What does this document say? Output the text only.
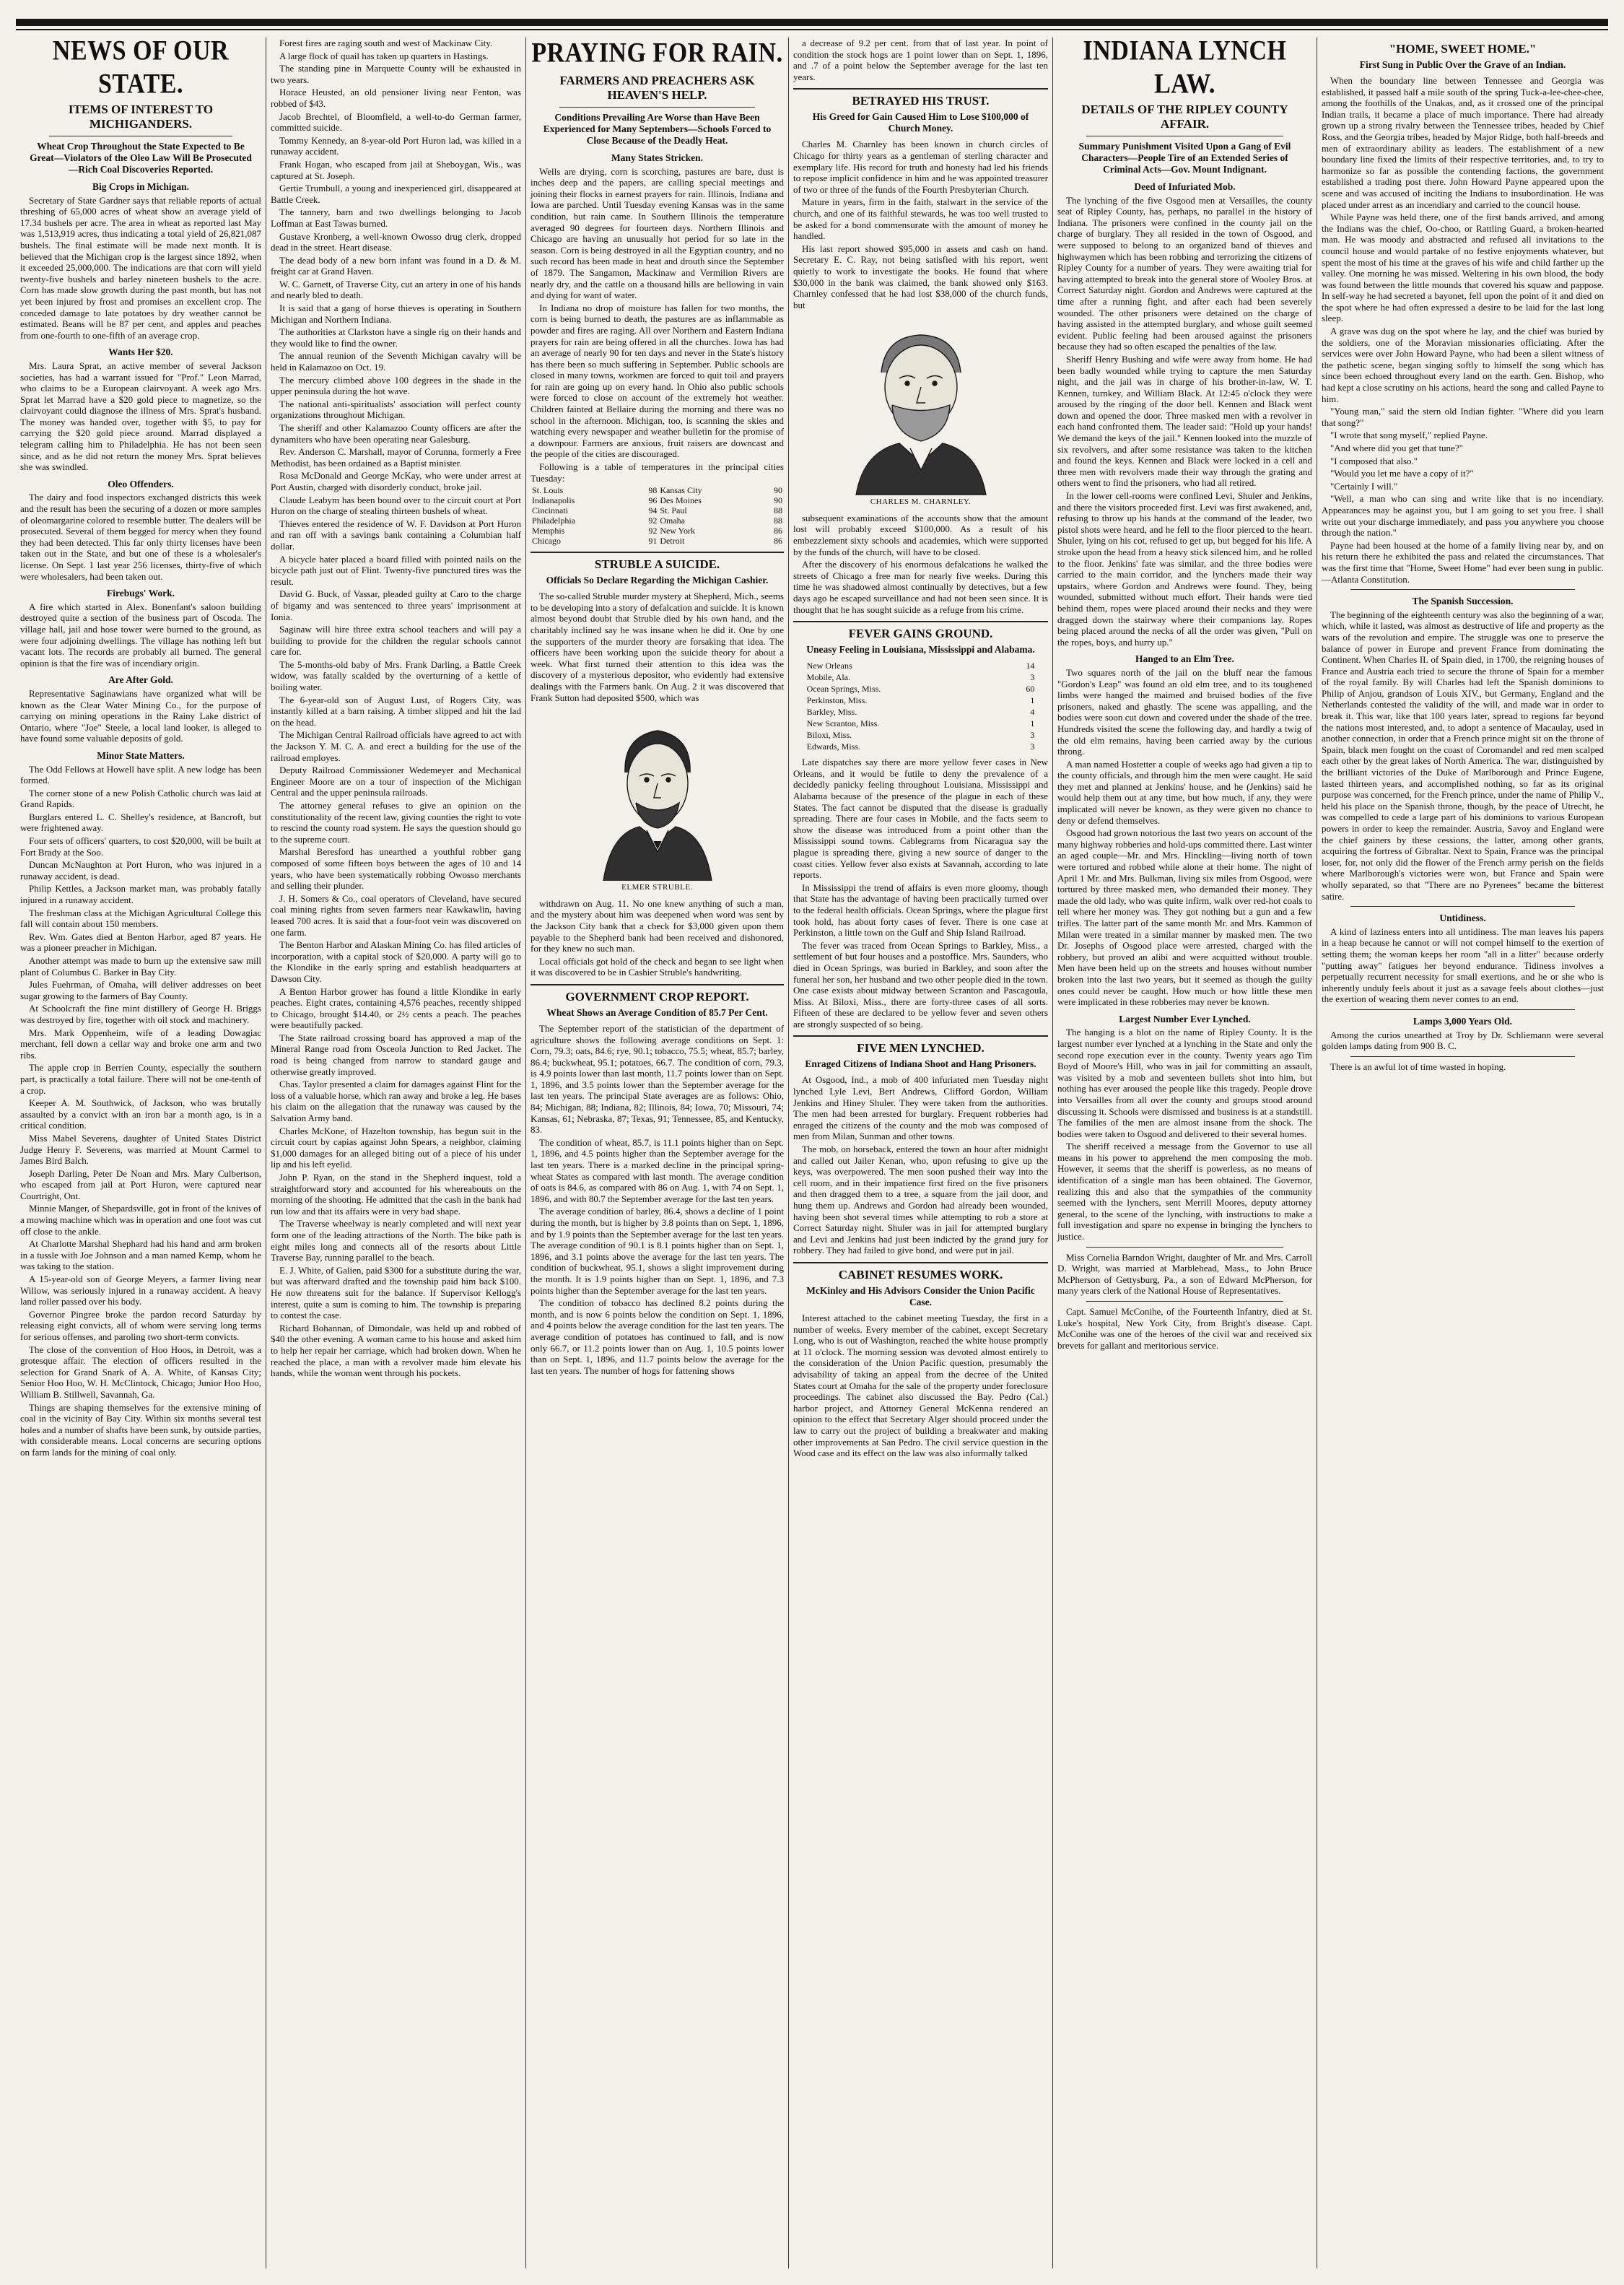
NEWS OF OUR STATE.
ITEMS OF INTEREST TO MICHIGANDERS.
Wheat Crop Throughout the State Expected to Be Great—Violators of the Oleo Law Will Be Prosecuted—Rich Coal Discoveries Reported.
Big Crops in Michigan.

Secretary of State Gardner says that reliable reports of actual threshing of 65,000 acres of wheat show an average yield of 17.34 bushels per acre. The area in wheat as reported last May was 1,513,919 acres, thus indicating a total yield of 26,821,087 bushels. The final estimate will be made next month. It is believed that the Michigan crop is the largest since 1892, when it exceeded 25,000,000. The indications are that corn will yield twenty-five bushels and barley nineteen bushels to the acre. Corn has made slow growth during the past month, but has not yet been injured by frost and promises an excellent crop. The conceded damage to late potatoes by dry weather cannot be estimated. Beans will be 87 per cent, and apples and peaches from one-fourth to one-fifth of an average crop.

Wants Her $20.

Mrs. Laura Sprat, an active member of several Jackson societies, has had a warrant issued for "Prof." Leon Marrad, who claims to be a European clairvoyant. A week ago Mrs. Sprat let Marrad have a $20 gold piece to magnetize, so the clairvoyant could diagnose the illness of Mrs. Sprat's husband. The money was handed over, together with $5, to pay for carrying the $20 gold piece around. Marrad displayed a telegram calling him to Philadelphia. He has not been seen since, and as he did not return the money Mrs. Sprat believes she was swindled.

Oleo Offenders.

The dairy and food inspectors exchanged districts this week and the result has been the securing of a dozen or more samples of oleomargarine colored to resemble butter. The dealers will be prosecuted. Several of them begged for mercy when they found they had been detected. This far only thirty licenses have been taken out in the State, and but one of these is a wholesaler's license. On Sept. 1 last year 256 licenses, thirty-five of which were wholesalers, had been taken out.

Firebugs' Work.

A fire which started in Alex. Bonenfant's saloon building destroyed quite a section of the business part of Oscoda. The village hall, jail and hose tower were burned to the ground, as were four adjoining dwellings. The village has nothing left but vacant lots. The records are probably all burned. The general opinion is that the fire was of incendiary origin.

Are After Gold.

Representative Saginawians have organized what will be known as the Clear Water Mining Co., for the purpose of carrying on mining operations in the Rainy Lake district of Ontario, where "Joe" Steele, a local land looker, is alleged to have found some valuable deposits of gold.

Minor State Matters.

The Odd Fellows at Howell have split. A new lodge has been formed.

The corner stone of a new Polish Catholic church was laid at Grand Rapids.

Burglars entered L. C. Shelley's residence, at Bancroft, but were frightened away.

Four sets of officers' quarters, to cost $20,000, will be built at Fort Brady at the Soo.

Duncan McNaughton at Port Huron, who was injured in a runaway accident, is dead.

Philip Kettles, a Jackson market man, was probably fatally injured in a runaway accident.

The freshman class at the Michigan Agricultural College this fall will contain about 150 members.

Rev. Wm. Gates died at Benton Harbor, aged 87 years. He was a pioneer preacher in Michigan.

Another attempt was made to burn up the extensive saw mill plant of Columbus C. Barker in Bay City.

Jules Fuehrman, of Omaha, will deliver addresses on beet sugar growing to the farmers of Bay County.

At Schoolcraft the fine mint distillery of George H. Briggs was destroyed by fire, together with oil stock and machinery.

Mrs. Mark Oppenheim, wife of a leading Dowagiac merchant, fell down a cellar way and broke one arm and two ribs.

The apple crop in Berrien County, especially the southern part, is practically a total failure. There will not be one-tenth of a crop.

Keeper A. M. Southwick, of Jackson, who was brutally assaulted by a convict with an iron bar a month ago, is in a critical condition.

Miss Mabel Severens, daughter of United States District Judge Henry F. Severens, was married at Mount Carmel to James Bird Balch.

Joseph Darling, Peter De Noan and Mrs. Mary Culbertson, who escaped from jail at Port Huron, were captured near Courtright, Ont.

Minnie Manger, of Shepardsville, got in front of the knives of a mowing machine which was in operation and one foot was cut off close to the ankle.

At Charlotte Marshal Shephard had his hand and arm broken in a tussle with Joe Johnson and a man named Kemp, whom he was taking to the station.

A 15-year-old son of George Meyers, a farmer living near Willow, was seriously injured in a runaway accident. A heavy land roller passed over his body.

Governor Pingree broke the pardon record Saturday by releasing eight convicts, all of whom were serving long terms for serious offenses, and paroling two short-term convicts.

The close of the convention of Hoo Hoos, in Detroit, was a grotesque affair. The election of officers resulted in the selection for Grand Snark of A. A. White, of Kansas City; Senior Hoo Hoo, W. H. McClintock, Chicago; Junior Hoo Hoo, William B. Stillwell, Savannah, Ga.

Things are shaping themselves for the extensive mining of coal in the vicinity of Bay City. Within six months several test holes and a number of shafts have been sunk, by outside parties, with considerable means. Local concerns are securing options on farm lands for the mining of coal only.

Forest fires are raging south and west of Mackinaw City.

A large flock of quail has taken up quarters in Hastings.

The standing pine in Marquette County will be exhausted in two years.

Horace Heusted, an old pensioner living near Fenton, was robbed of $43.

Jacob Brechtel, of Bloomfield, a well-to-do German farmer, committed suicide.

Tommy Kennedy, an 8-year-old Port Huron lad, was killed in a runaway accident.

Frank Hogan, who escaped from jail at Sheboygan, Wis., was captured at St. Joseph.

Gertie Trumbull, a young and inexperienced girl, disappeared at Battle Creek.

The tannery, barn and two dwellings belonging to Jacob Loffman at East Tawas burned.

Gustave Kronberg, a well-known Owosso drug clerk, dropped dead in the street. Heart disease.

The dead body of a new born infant was found in a D. & M. freight car at Grand Haven.

W. C. Garnett, of Traverse City, cut an artery in one of his hands and nearly bled to death.

It is said that a gang of horse thieves is operating in Southern Michigan and Northern Indiana.

The authorities at Clarkston have a single rig on their hands and they would like to find the owner.

The annual reunion of the Seventh Michigan cavalry will be held in Kalamazoo on Oct. 19.

The mercury climbed above 100 degrees in the shade in the upper peninsula during the hot wave.

The national anti-spiritualists' association will perfect county organizations throughout Michigan.

The sheriff and other Kalamazoo County officers are after the dynamiters who have been operating near Galesburg.

Rev. Anderson C. Marshall, mayor of Corunna, formerly a Free Methodist, has been ordained as a Baptist minister.

Rosa McDonald and George McKay, who were under arrest at Port Austin, charged with disorderly conduct, broke jail.

Claude Leabym has been bound over to the circuit court at Port Huron on the charge of stealing thirteen bushels of wheat.

Thieves entered the residence of W. F. Davidson at Port Huron and ran off with a savings bank containing a Columbian half dollar.

A bicycle hater placed a board filled with pointed nails on the bicycle path just out of Flint. Twenty-five punctured tires was the result.

David G. Buck, of Vassar, pleaded guilty at Caro to the charge of bigamy and was sentenced to three years' imprisonment at Ionia.

Saginaw will hire three extra school teachers and will pay a building to provide for the children the regular schools cannot care for.

The 5-months-old baby of Mrs. Frank Darling, a Battle Creek widow, was fatally scalded by the overturning of a kettle of boiling water.

The 6-year-old son of August Lust, of Rogers City, was instantly killed at a barn raising. A timber slipped and hit the lad on the head.

The Michigan Central Railroad officials have agreed to act with the Jackson Y. M. C. A. and erect a building for the use of the railroad employes.

Deputy Railroad Commissioner Wedemeyer and Mechanical Engineer Moore are on a tour of inspection of the Michigan Central and the upper peninsula railroads.

The attorney general refuses to give an opinion on the constitutionality of the recent law, giving counties the right to vote to rescind the county road system. He says the question should go to the supreme court.

Marshal Beresford has unearthed a youthful robber gang composed of some fifteen boys between the ages of 10 and 14 years, who have been systematically robbing Owosso merchants and selling their plunder.

J. H. Somers & Co., coal operators of Cleveland, have secured coal mining rights from seven farmers near Kawkawlin, having leased 700 acres. It is said that a four-foot vein was discovered on one farm.

The Benton Harbor and Alaskan Mining Co. has filed articles of incorporation, with a capital stock of $20,000. A party will go to the Klondike in the early spring and establish headquarters at Dawson City.

A Benton Harbor grower has found a little Klondike in early peaches. Eight crates, containing 4,576 peaches, recently shipped to Chicago, brought $14.40, or 2½ cents a peach. The peaches were beautifully packed.

The State railroad crossing board has approved a map of the Mineral Range road from Osceola Junction to Red Jacket. The road is being changed from narrow to standard gauge and otherwise greatly improved.

Chas. Taylor presented a claim for damages against Flint for the loss of a valuable horse, which ran away and broke a leg. He bases his claim on the allegation that the runaway was caused by the Salvation Army band.

Charles McKone, of Hazelton township, has begun suit in the circuit court by capias against John Spears, a neighbor, claiming $1,000 damages for an alleged biting out of a piece of his under lip and his left eyelid.

John P. Ryan, on the stand in the Shepherd inquest, told a straightforward story and accounted for his whereabouts on the morning of the shooting. He admitted that the cash in the bank had run low and that its affairs were in very bad shape.

The Traverse wheelway is nearly completed and will next year form one of the leading attractions of the North. The bike path is eight miles long and connects all of the resorts about Little Traverse Bay, running parallel to the beach.

E. J. White, of Galien, paid $300 for a substitute during the war, but was afterward drafted and the township paid him back $100. He now threatens suit for the balance. If Supervisor Kellogg's interest, quite a sum is coming to him. The township is preparing to contest the case.

Richard Bohannan, of Dimondale, was held up and robbed of $40 the other evening. A woman came to his house and asked him to help her repair her carriage, which had broken down. When he reached the place, a man with a revolver made him elevate his hands, while the woman went through his pockets.

PRAYING FOR RAIN.
FARMERS AND PREACHERS ASK HEAVEN'S HELP.
Conditions Prevailing Are Worse than Have Been Experienced for Many Septembers—Schools Forced to Close Because of the Deadly Heat.
Many States Stricken.

Wells are drying, corn is scorching, pastures are bare, dust is inches deep and the papers, are calling special meetings and joining their flocks in earnest prayers for rain. Illinois, Indiana and Iowa are parched. Until Tuesday evening Kansas was in the same condition, but rain came. In Southern Illinois the temperature averaged 90 degrees for fourteen days. Northern Illinois and Chicago are having an unusually hot period for so late in the season. Corn is being destroyed in all the Egyptian country, and no such record has been made in heat and drouth since the September of 1879. The Sangamon, Mackinaw and Vermilion Rivers are nearly dry, and the cattle on a thousand hills are bellowing in vain and dying for want of water.

In Indiana no drop of moisture has fallen for two months, the corn is being burned to death, the pastures are as inflammable as powder and fires are raging. All over Northern and Eastern Indiana prayers for rain are being offered in all the churches. Iowa has had an average of nearly 90 for ten days and never in the State's history has there been so much suffering in September. Public schools are closed in many towns, workmen are forced to quit toil and prayers for rain are going up on every hand. In Ohio also public schools were forced to close on account of the extremely hot weather. Children fainted at Bellaire during the morning and there was no school in the afternoon. Michigan, too, is scanning the skies and watching every newspaper and weather bulletin for the promise of a downpour. Farmers are anxious, fruit raisers are downcast and the people of the cities are discouraged.

Following is a table of temperatures in the principal cities Tuesday:

St. Louis	98	Kansas City	90
Indianapolis	96	Des Moines	90
Cincinnati	94	St. Paul	88
Philadelphia	92	Omaha	88
Memphis	92	New York	86
Chicago	91	Detroit	86
STRUBLE A SUICIDE.
Officials So Declare Regarding the Michigan Cashier.

The so-called Struble murder mystery at Shepherd, Mich., seems to be developing into a story of defalcation and suicide. It is known almost beyond doubt that Struble died by his own hand, and the charitably inclined say he was insane when he did it. One by one the supporters of the murder theory are forsaking that idea. The officers have been working upon the suicide theory for about a week. What first turned their attention to this idea was the discovery of a mysterious depositor, who evidently had extensive dealings with the Farmers bank. On Aug. 2 it was discovered that Frank Sutton had deposited $500, which was

ELMER STRUBLE.

withdrawn on Aug. 11. No one knew anything of such a man, and the mystery about him was deepened when word was sent by the Jackson City bank that a check for $3,000 given upon them payable to the Shepherd bank had been received and dishonored, for they knew no such man.

Local officials got hold of the check and began to see light when it was discovered to be in Cashier Struble's handwriting.

GOVERNMENT CROP REPORT.
Wheat Shows an Average Condition of 85.7 Per Cent.

The September report of the statistician of the department of agriculture shows the following average conditions on Sept. 1: Corn, 79.3; oats, 84.6; rye, 90.1; tobacco, 75.5; wheat, 85.7; barley, 86.4; buckwheat, 95.1; potatoes, 66.7. The condition of corn, 79.3, is 4.9 points lower than last month, 11.7 points lower than on Sept. 1, 1896, and 3.5 points lower than the September average for the last ten years. The principal State averages are as follows: Ohio, 84; Michigan, 88; Indiana, 82; Illinois, 84; Iowa, 70; Missouri, 74; Kansas, 61; Nebraska, 87; Texas, 91; Tennessee, 85, and Kentucky, 83.

The condition of wheat, 85.7, is 11.1 points higher than on Sept. 1, 1896, and 4.5 points higher than the September average for the last ten years. There is a marked decline in the principal spring-wheat States as compared with last month. The average condition of oats is 84.6, as compared with 86 on Aug. 1, with 74 on Sept. 1, 1896, and with 80.7 the September average for the last ten years.

The average condition of barley, 86.4, shows a decline of 1 point during the month, but is higher by 3.8 points than on Sept. 1, 1896, and by 1.9 points than the September average for the last ten years. The average condition of 90.1 is 8.1 points higher than on Sept. 1, 1896, and 3.1 points above the average for the last ten years. The condition of buckwheat, 95.1, shows a slight improvement during the month. It is 1.9 points higher than on Sept. 1, 1896, and 7.3 points higher than the September average for the last ten years.

The condition of tobacco has declined 8.2 points during the month, and is now 6 points below the condition on Sept. 1, 1896, and 4 points below the average condition for the last ten years. The average condition of potatoes has continued to fall, and is now only 66.7, or 11.2 points lower than on Aug. 1, 10.5 points lower than on Sept. 1, 1896, and 11.7 points below the average for the last ten years. The number of hogs for fattening shows

a decrease of 9.2 per cent. from that of last year. In point of condition the stock hogs are 1 point lower than on Sept. 1, 1896, and .7 of a point below the September average for the last ten years.

BETRAYED HIS TRUST.
His Greed for Gain Caused Him to Lose $100,000 of Church Money.

Charles M. Charnley has been known in church circles of Chicago for thirty years as a gentleman of sterling character and exemplary life. His record for truth and honesty had led his friends to repose implicit confidence in him and he was appointed treasurer of two or three of the funds of the Fourth Presbyterian Church.

Mature in years, firm in the faith, stalwart in the service of the church, and one of its faithful stewards, he was too well trusted to be asked for a bond commensurate with the amount of money he handled.

His last report showed $95,000 in assets and cash on hand. Secretary E. C. Ray, not being satisfied with his report, went quietly to work to investigate the books. He found that where $30,000 in the bank was claimed, the bank showed only $163. Charnley confessed that he had lost $38,000 of the church funds, but

CHARLES M. CHARNLEY.

subsequent examinations of the accounts show that the amount lost will probably exceed $100,000. As a result of his embezzlement sixty schools and academies, which were supported by the funds of the church, will have to be closed.

After the discovery of his enormous defalcations he walked the streets of Chicago a free man for nearly five weeks. During this time he was shadowed almost continually by detectives, but a few days ago he escaped surveillance and had not been seen since. It is thought that he has sought suicide as a refuge from his crime.

FEVER GAINS GROUND.
Uneasy Feeling in Louisiana, Mississippi and Alabama.
New Orleans	14
Mobile, Ala.	3
Ocean Springs, Miss.	60
Perkinston, Miss.	1
Barkley, Miss.	4
New Scranton, Miss.	1
Biloxi, Miss.	3
Edwards, Miss.	3

Late dispatches say there are more yellow fever cases in New Orleans, and it would be futile to deny the prevalence of a decidedly panicky feeling throughout Louisiana, Mississippi and Alabama because of the presence of the plague in each of these States. The fact cannot be disputed that the disease is gradually spreading. There are four cases in Mobile, and the facts seem to show the disease was introduced from a point other than the Mississippi sound towns. Cablegrams from Nicaragua say the plague is spreading there, giving a new source of danger to the coast cities. Yellow fever also exists at Savannah, according to late reports.

In Mississippi the trend of affairs is even more gloomy, though that State has the advantage of having been practically turned over to the federal health officials. Ocean Springs, where the plague first took hold, has about forty cases of fever. There is one case at Perkinston, a little town on the Gulf and Ship Island Railroad.

The fever was traced from Ocean Springs to Barkley, Miss., a settlement of but four houses and a postoffice. Mrs. Saunders, who died in Ocean Springs, was buried in Barkley, and soon after the funeral her son, her husband and two other people died in the town. One case exists about midway between Scranton and Pascagoula, Miss. At Biloxi, Miss., there are forty-three cases of all sorts. Fifteen of these are declared to be yellow fever and seven others are strongly suspected of so being.

FIVE MEN LYNCHED.
Enraged Citizens of Indiana Shoot and Hang Prisoners.

At Osgood, Ind., a mob of 400 infuriated men Tuesday night lynched Lyle Levi, Bert Andrews, Clifford Gordon, William Jenkins and Hiney Shuler. They were taken from the authorities. The men had been arrested for burglary. Frequent robberies had enraged the citizens of the county and the mob was composed of men from Milan, Sunman and other towns.

The mob, on horseback, entered the town an hour after midnight and called out Jailer Kenan, who, upon refusing to give up the keys, was overpowered. The men soon pushed their way into the cell room, and in their impatience first fired on the five prisoners and then dragged them to a tree, a square from the jail door, and hung them up. Andrews and Gordon had already been wounded, having been shot several times while attempting to rob a store at Correct Saturday night. Shuler was in jail for attempted burglary and Levi and Jenkins had just been indicted by the grand jury for robbery. They had failed to give bond, and were put in jail.

CABINET RESUMES WORK.
McKinley and His Advisors Consider the Union Pacific Case.

Interest attached to the cabinet meeting Tuesday, the first in a number of weeks. Every member of the cabinet, except Secretary Long, who is out of Washington, reached the white house promptly at 11 o'clock. The morning session was devoted almost entirely to the consideration of the Union Pacific question, presumably the advisability of taking an appeal from the decree of the United States court at Omaha for the sale of the property under foreclosure proceedings. The cabinet also discussed the Bay. Pedro (Cal.) harbor project, and Attorney General McKenna rendered an opinion to the effect that Secretary Alger should proceed under the law to carry out the project of building a breakwater and making other improvements at San Pedro. The civil service question in the Wood case and its effect on the law was also informally talked

INDIANA LYNCH LAW.
DETAILS OF THE RIPLEY COUNTY AFFAIR.
Summary Punishment Visited Upon a Gang of Evil Characters—People Tire of an Extended Series of Criminal Acts—Gov. Mount Indignant.
Deed of Infuriated Mob.

The lynching of the five Osgood men at Versailles, the county seat of Ripley County, has, perhaps, no parallel in the history of Indiana. The prisoners were confined in the county jail on the charge of burglary. They all resided in the town of Osgood, and were supposed to belong to an organized band of thieves and highwaymen which has been robbing and terrorizing the citizens of Ripley County for a number of years. They were awaiting trial for having attempted to break into the general store of Wooley Bros. at Correct Saturday night. Gordon and Andrews were captured at the time after a running fight, and after each had been severely wounded. The other prisoners were detained on the charge of having assisted in the attempted burglary, and whose guilt seemed evident. Public feeling had been aroused against the prisoners because they had so often escaped the penalties of the law.

Sheriff Henry Bushing and wife were away from home. He had been badly wounded while trying to capture the men Saturday night, and the jail was in charge of his brother-in-law, W. T. Kennen, turnkey, and William Black. At 12:45 o'clock they were aroused by the ringing of the door bell. Kennen and Black went down and opened the door. Three masked men with a revolver in each hand confronted them. The leader said: "Hold up your hands! We demand the keys of the jail." Kennen looked into the muzzle of six revolvers, and after some resistance was taken to the kitchen and found the keys. Kennen and Black were locked in a cell and three men with revolvers made their way through the grating and others went to find the prisoners, who had all retired.

In the lower cell-rooms were confined Levi, Shuler and Jenkins, and there the visitors proceeded first. Levi was first awakened, and, refusing to throw up his hands at the command of the leader, two pistol shots were heard, and he fell to the floor pierced to the heart. Shuler, lying on his cot, refused to get up, but begged for his life. A stroke upon the head from a heavy stick silenced him, and he rolled to the floor. Jenkins' fate was similar, and the three bodies were carried to the main corridor, and the lynchers made their way upstairs, where Gordon and Andrews were found. They, being wounded, submitted without much effort. Their hands were tied behind them, ropes were placed around their necks and they were dragged down the stairway where their companions lay. Ropes being placed around the necks of all the order was given, "Pull on the ropes, boys, and hurry up."

Hanged to an Elm Tree.

Two squares north of the jail on the bluff near the famous "Gordon's Leap" was found an old elm tree, and to its toughened limbs were hanged the maimed and bruised bodies of the five prisoners, naked and ghastly. The scene was appalling, and the bodies were soon cut down and covered under the shade of the tree. Hundreds visited the scene the following day, and hardly a twig of the old elm remains, having been carried away by the curious throng.

A man named Hostetter a couple of weeks ago had given a tip to the county officials, and through him the men were caught. He said they met and planned at Jenkins' house, and he (Jenkins) said he would help them out at any time, but how much, if any, they were implicated will never be known, as they were given no chance to deny or defend themselves.

Osgood had grown notorious the last two years on account of the many highway robberies and hold-ups committed there. Last winter an aged couple—Mr. and Mrs. Hinckling—living north of town were tortured and robbed while alone at their home. The night of April 1 Mr. and Mrs. Bulkman, living six miles from Osgood, were tortured by three masked men, who demanded their money. They made the old lady, who was quite infirm, walk over red-hot coals to tell where her money was. They got nothing but a gun and a few trifles. The latter part of the same month Mr. and Mrs. Kammon of Milan were treated in a similar manner by masked men. The two Dr. Josephs of Osgood place were arrested, charged with the robbery, but proved an alibi and were acquitted without trouble. Men have been held up on the streets and houses without number broken into the last two years, but it seemed as though the guilty ones could never be caught. How much or how little these men were implicated in these robberies may never be known.

Largest Number Ever Lynched.

The hanging is a blot on the name of Ripley County. It is the largest number ever lynched at a lynching in the State and only the second rope execution ever in the county. Twenty years ago Tim Boyd of Moore's Hill, who was in jail for committing an assault, was visited by a mob and seventeen bullets shot into him, but nothing has ever aroused the people like this tragedy. People drove into Versailles from all over the county and groups stood around discussing it. Schools were dismissed and business is at a standstill. The families of the men are almost insane from the shock. The bodies were taken to Osgood and delivered to their several homes.

The sheriff received a message from the Governor to use all means in his power to apprehend the men composing the mob. However, it seems that the sheriff is powerless, as no means of identification of a single man has been obtained. The Governor, realizing this and also that the sympathies of the community seemed with the lynchers, sent Merrill Moores, deputy attorney general, to the scene of the lynching, with instructions to make a full investigation and spare no expense in bringing the lynchers to justice.

Miss Cornelia Barndon Wright, daughter of Mr. and Mrs. Carroll D. Wright, was married at Marblehead, Mass., to John Bruce McPherson of Gettysburg, Pa., a son of Edward McPherson, for many years clerk of the National House of Representatives.

Capt. Samuel McConihe, of the Fourteenth Infantry, died at St. Luke's hospital, New York City, from Bright's disease. Capt. McConihe was one of the heroes of the civil war and received six brevets for gallant and meritorious service.

"HOME, SWEET HOME."
First Sung in Public Over the Grave of an Indian.

When the boundary line between Tennessee and Georgia was established, it passed half a mile south of the spring Tuck-a-lee-chee-chee, among the foothills of the Unakas, and, as it crossed one of the principal Indian trails, it became a place of much importance. There had already grown up a strong rivalry between the Tennessee tribes, headed by Chief Ross, and the Georgia tribes, headed by Major Ridge, both half-breeds and men of extraordinary ability as leaders. The establishment of a new boundary line fixed the limits of their respective territories, and, to try to harmonize so far as possible the contending factions, the government established a trading post there. John Howard Payne appeared upon the scene and was accused of inciting the Indians to insubordination. He was placed under arrest as an incendiary and carried to the council house.

While Payne was held there, one of the first bands arrived, and among the Indians was the chief, Oo-choo, or Rattling Guard, a broken-hearted man. He was moody and abstracted and refused all invitations to the council house and would partake of no festive enjoyments whatever, but spent the most of his time at the graves of his wife and child farther up the valley. One morning he was missed. Weltering in his own blood, the body was found between the little mounds that covered his squaw and pappose. In self-way he had secreted a bayonet, fell upon the point of it and died on the spot where he had often expressed a desire to be laid for the last long sleep.

A grave was dug on the spot where he lay, and the chief was buried by the soldiers, one of the Moravian missionaries officiating. After the services were over John Howard Payne, who had been a silent witness of the pathetic scene, began singing softly to himself the song which has since been echoed throughout every land on the earth. Gen. Bishop, who had kept a close scrutiny on his actions, heard the song and called Payne to him.

"Young man," said the stern old Indian fighter. "Where did you learn that song?"

"I wrote that song myself," replied Payne.

"And where did you get that tune?"

"I composed that also."

"Would you let me have a copy of it?"

"Certainly I will."

"Well, a man who can sing and write like that is no incendiary. Appearances may be against you, but I am going to set you free. I shall write out your discharge immediately, and pass you anywhere you choose through the nation."

Payne had been housed at the home of a family living near by, and on his return there he exhibited the pass and related the circumstances. That was the first time that "Home, Sweet Home" had ever been sung in public.—Atlanta Constitution.

The Spanish Succession.

The beginning of the eighteenth century was also the beginning of a war, which, while it lasted, was almost as destructive of life and property as the wars of the revolution and empire. The struggle was one to preserve the balance of power in Europe and prevent France from dominating the Continent. When Charles II. of Spain died, in 1700, the reigning houses of France and Austria each tried to secure the throne of Spain for a member of the royal family. By will Charles had left the Spanish dominions to Philip of Anjou, grandson of Louis XIV., but Germany, England and the Netherlands contested the validity of the will, and made war in order to break it. This war, like that 100 years later, spread to regions far beyond the nations most interested, and, to adopt a sentence of Macaulay, used in another connection, in order that a French prince might sit on the throne of Spain, black men fought on the coast of Coromandel and red men scalped each other by the great lakes of North America. The war, distinguished by the brilliant victories of the Duke of Marlborough and Prince Eugene, lasted thirteen years, and accomplished nothing, so far as its original purpose was concerned, for the French prince, under the name of Philip V., held his place on the Spanish throne, though, by the peace of Utrecht, he was compelled to cede a large part of his dominions to various European powers in order to keep the remainder. Austria, Savoy and England were the chief gainers by these cessions, the latter, among other grants, acquiring the fortress of Gibraltar. Next to Spain, France was the principal loser, for, not only did the flower of the French army perish on the fields where Marlborough's victories were won, but France and Spain were wholly separated, so that "There are no Pyrenees" became the bitterest satire.

Untidiness.

A kind of laziness enters into all untidiness. The man leaves his papers in a heap because he cannot or will not compel himself to the exertion of setting them; the woman keeps her room "all in a litter" because orderly "putting away" fatigues her beyond endurance. Tidiness involves a perpetually recurrent necessity for small exertions, and he or she who is inherently unduly feels about it just as a savage feels about clothes—just the exertion of wearing them never comes to an end.

Lamps 3,000 Years Old.

Among the curios unearthed at Troy by Dr. Schliemann were several golden lamps dating from 900 B. C.

There is an awful lot of time wasted in hoping.
